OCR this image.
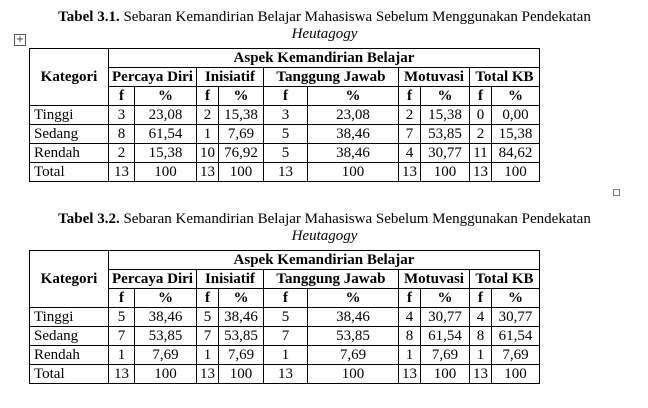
+
Tabel 3.1. Sebaran Kemandirian Belajar Mahasiswa Sebelum Menggunakan Pendekatan
Heutagogy
Kategori	Aspek Kemandirian Belajar									
	Percaya Diri		Inisiatif		Tanggung Jawab		Motuvasi		Total KB	
	f	%	f	%	f	%	f	%	f	%
Tinggi	3	23,08	2	15,38	3	23,08	2	15,38	0	0,00
Sedang	8	61,54	1	7,69	5	38,46	7	53,85	2	15,38
Rendah	2	15,38	10	76,92	5	38,46	4	30,77	11	84,62
Total	13	100	13	100	13	100	13	100	13	100
Tabel 3.2. Sebaran Kemandirian Belajar Mahasiswa Sebelum Menggunakan Pendekatan
Heutagogy
Kategori	Aspek Kemandirian Belajar									
	Percaya Diri		Inisiatif		Tanggung Jawab		Motuvasi		Total KB	
	f	%	f	%	f	%	f	%	f	%
Tinggi	5	38,46	5	38,46	5	38,46	4	30,77	4	30,77
Sedang	7	53,85	7	53,85	7	53,85	8	61,54	8	61,54
Rendah	1	7,69	1	7,69	1	7,69	1	7,69	1	7,69
Total	13	100	13	100	13	100	13	100	13	100
